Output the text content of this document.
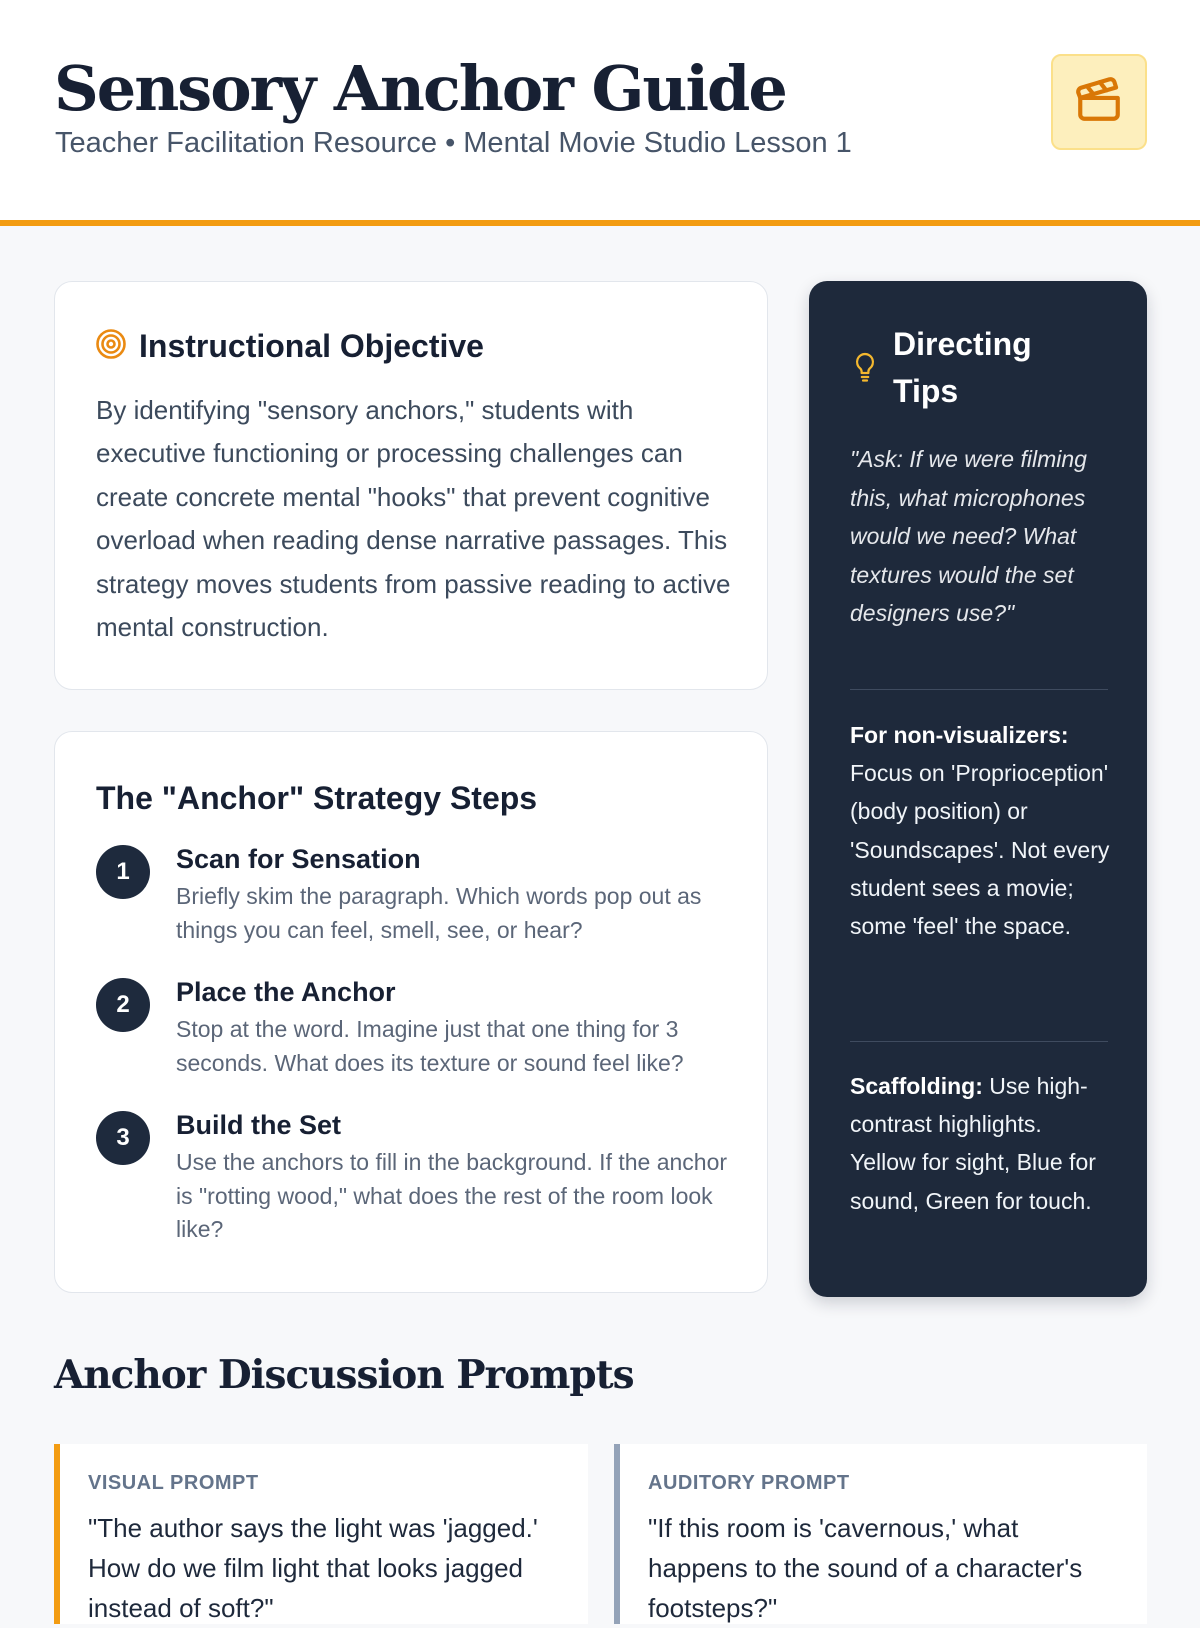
Sensory Anchor Guide
Teacher Facilitation Resource • Mental Movie Studio Lesson 1
Instructional Objective

By identifying "sensory anchors," students with executive functioning or processing challenges can create concrete mental "hooks" that prevent cognitive overload when reading dense narrative passages. This strategy moves students from passive reading to active mental construction.

The "Anchor" Strategy Steps
1	Scan for Sensation
Briefly skim the paragraph. Which words pop out as things you can feel, smell, see, or hear?
2	Place the Anchor
Stop at the word. Imagine just that one thing for 3 seconds. What does its texture or sound feel like?
3	Build the Set
Use the anchors to fill in the background. If the anchor is "rotting wood," what does the rest of the room look like?
Directing Tips

"Ask: If we were filming this, what microphones would we need? What textures would the set designers use?"

For non-visualizers: Focus on 'Proprioception' (body position) or 'Soundscapes'. Not every student sees a movie; some 'feel' the space.

Scaffolding: Use high-contrast highlights. Yellow for sight, Blue for sound, Green for touch.

Anchor Discussion Prompts
VISUAL PROMPT

"The author says the light was 'jagged.' How do we film light that looks jagged instead of soft?"

AUDITORY PROMPT

"If this room is 'cavernous,' what happens to the sound of a character's footsteps?"
